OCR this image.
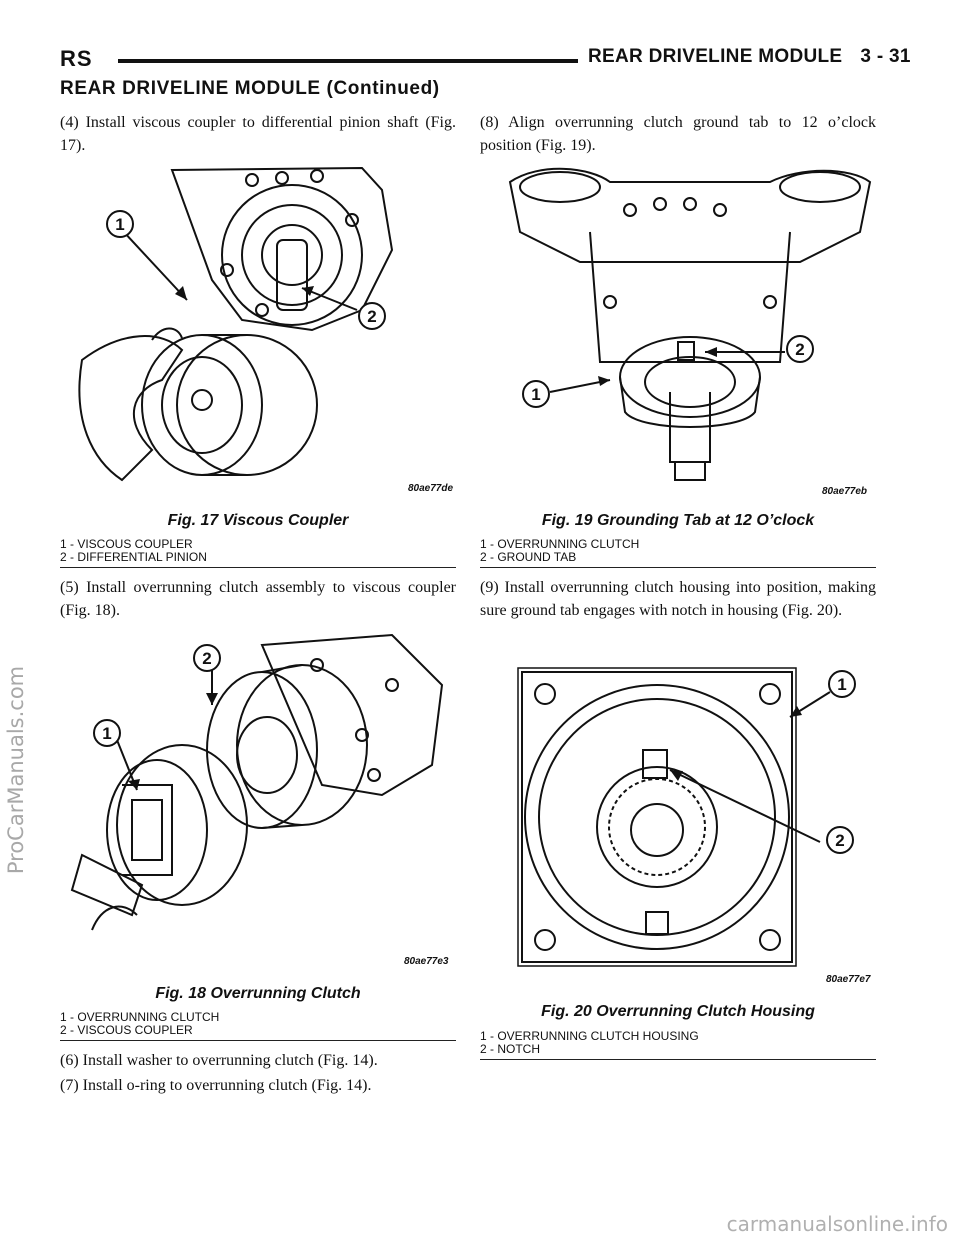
RS	REAR DRIVELINE MODULE 3 - 31
REAR DRIVELINE MODULE (Continued)
(4) Install viscous coupler to differential pinion shaft (Fig. 17).
1
2
80ae77de
Fig. 17 Viscous Coupler
1 - VISCOUS COUPLER
2 - DIFFERENTIAL PINION
(5) Install overrunning clutch assembly to viscous coupler (Fig. 18).
1
2
80ae77e3
Fig. 18 Overrunning Clutch
1 - OVERRUNNING CLUTCH
2 - VISCOUS COUPLER
(6) Install washer to overrunning clutch (Fig. 14).
(7) Install o-ring to overrunning clutch (Fig. 14).
(8) Align overrunning clutch ground tab to 12 o’clock position (Fig. 19).
1
2
80ae77eb
Fig. 19 Grounding Tab at 12 O’clock
1 - OVERRUNNING CLUTCH
2 - GROUND TAB
(9) Install overrunning clutch housing into position, making sure ground tab engages with notch in housing (Fig. 20).
1
2
80ae77e7
Fig. 20 Overrunning Clutch Housing
1 - OVERRUNNING CLUTCH HOUSING
2 - NOTCH
ProCarManuals.com
carmanualsonline.info
